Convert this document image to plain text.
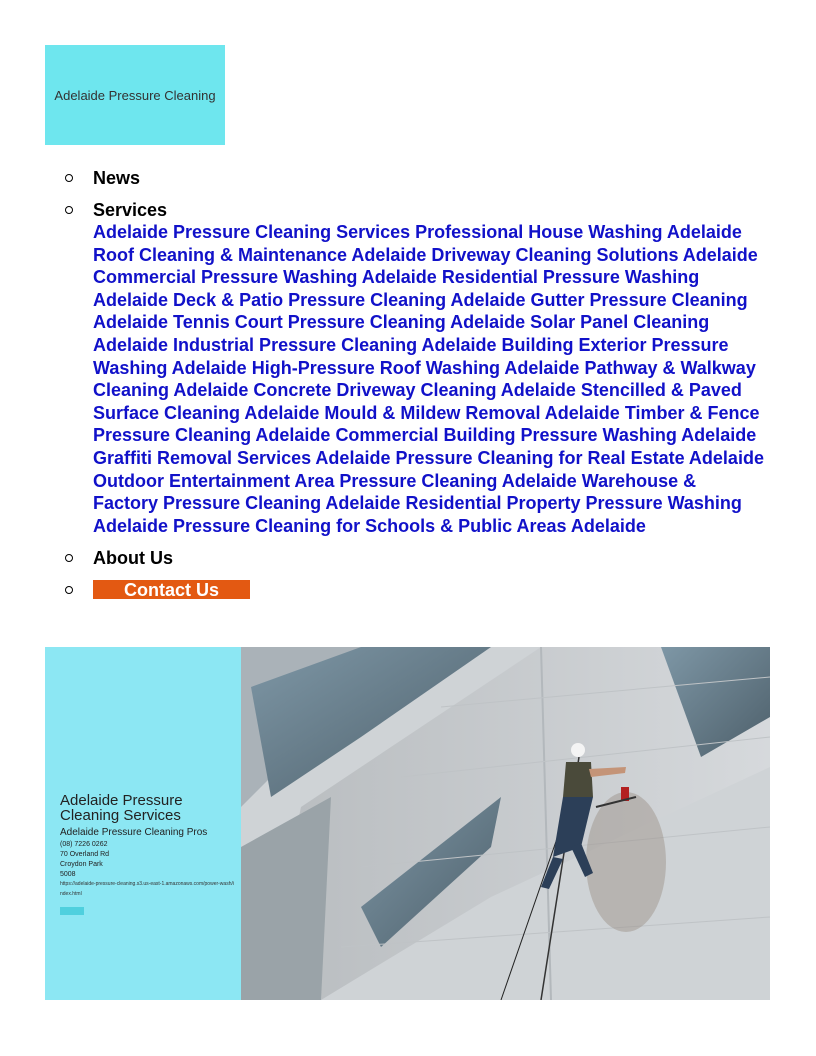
Adelaide Pressure Cleaning
News
Services
Adelaide Pressure Cleaning Services Professional House Washing Adelaide Roof Cleaning & Maintenance Adelaide Driveway Cleaning Solutions Adelaide Commercial Pressure Washing Adelaide Residential Pressure Washing Adelaide Deck & Patio Pressure Cleaning Adelaide Gutter Pressure Cleaning Adelaide Tennis Court Pressure Cleaning Adelaide Solar Panel Cleaning Adelaide Industrial Pressure Cleaning Adelaide Building Exterior Pressure Washing Adelaide High-Pressure Roof Washing Adelaide Pathway & Walkway Cleaning Adelaide Concrete Driveway Cleaning Adelaide Stencilled & Paved Surface Cleaning Adelaide Mould & Mildew Removal Adelaide Timber & Fence Pressure Cleaning Adelaide Commercial Building Pressure Washing Adelaide Graffiti Removal Services Adelaide Pressure Cleaning for Real Estate Adelaide Outdoor Entertainment Area Pressure Cleaning Adelaide Warehouse & Factory Pressure Cleaning Adelaide Residential Property Pressure Washing Adelaide Pressure Cleaning for Schools & Public Areas Adelaide
About Us
Contact Us
Adelaide Pressure Cleaning Services
Adelaide Pressure Cleaning Pros
(08) 7226 0262
70 Overland Rd
Croydon Park
5008
https://adelaide-pressure-cleaning.s3.us-east-1.amazonaws.com/power-wash/index.html
